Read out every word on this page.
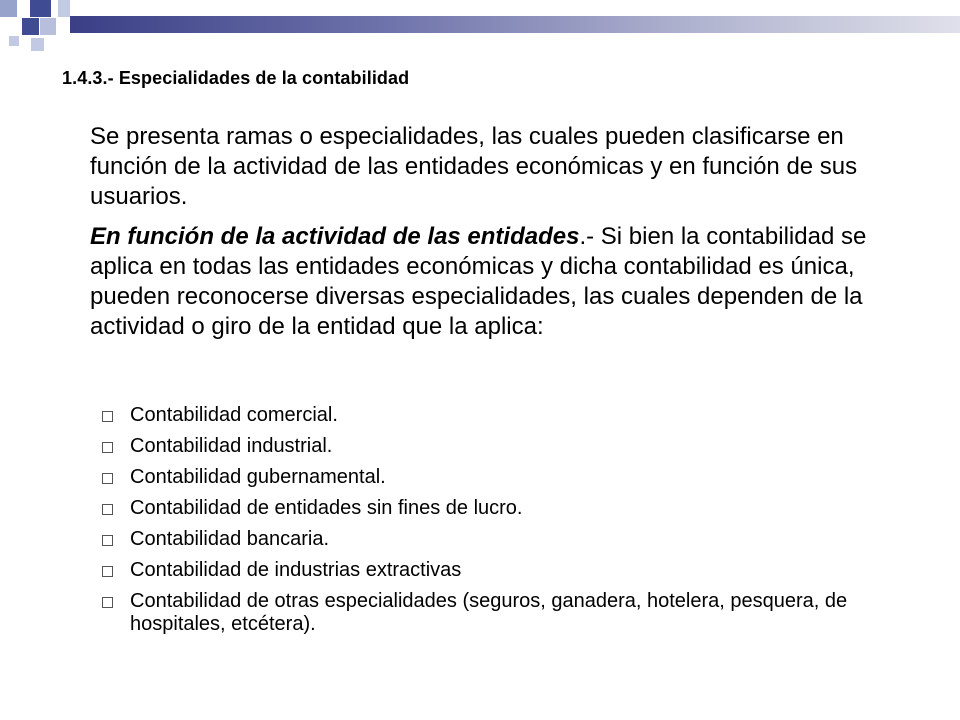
1.4.3.- Especialidades de la contabilidad

Se presenta ramas o especialidades, las cuales pueden clasificarse en función de la actividad de las entidades económicas y en función de sus usuarios.

En función de la actividad de las entidades.- Si bien la contabilidad se aplica en todas las entidades económicas y dicha contabilidad es única, pueden reconocerse diversas especialidades, las cuales dependen de la actividad o giro de la entidad que la aplica:

Contabilidad comercial.
Contabilidad industrial.
Contabilidad gubernamental.
Contabilidad de entidades sin fines de lucro.
Contabilidad bancaria.
Contabilidad de industrias extractivas
Contabilidad de otras especialidades (seguros, ganadera, hotelera, pesquera, de hospitales, etcétera).
